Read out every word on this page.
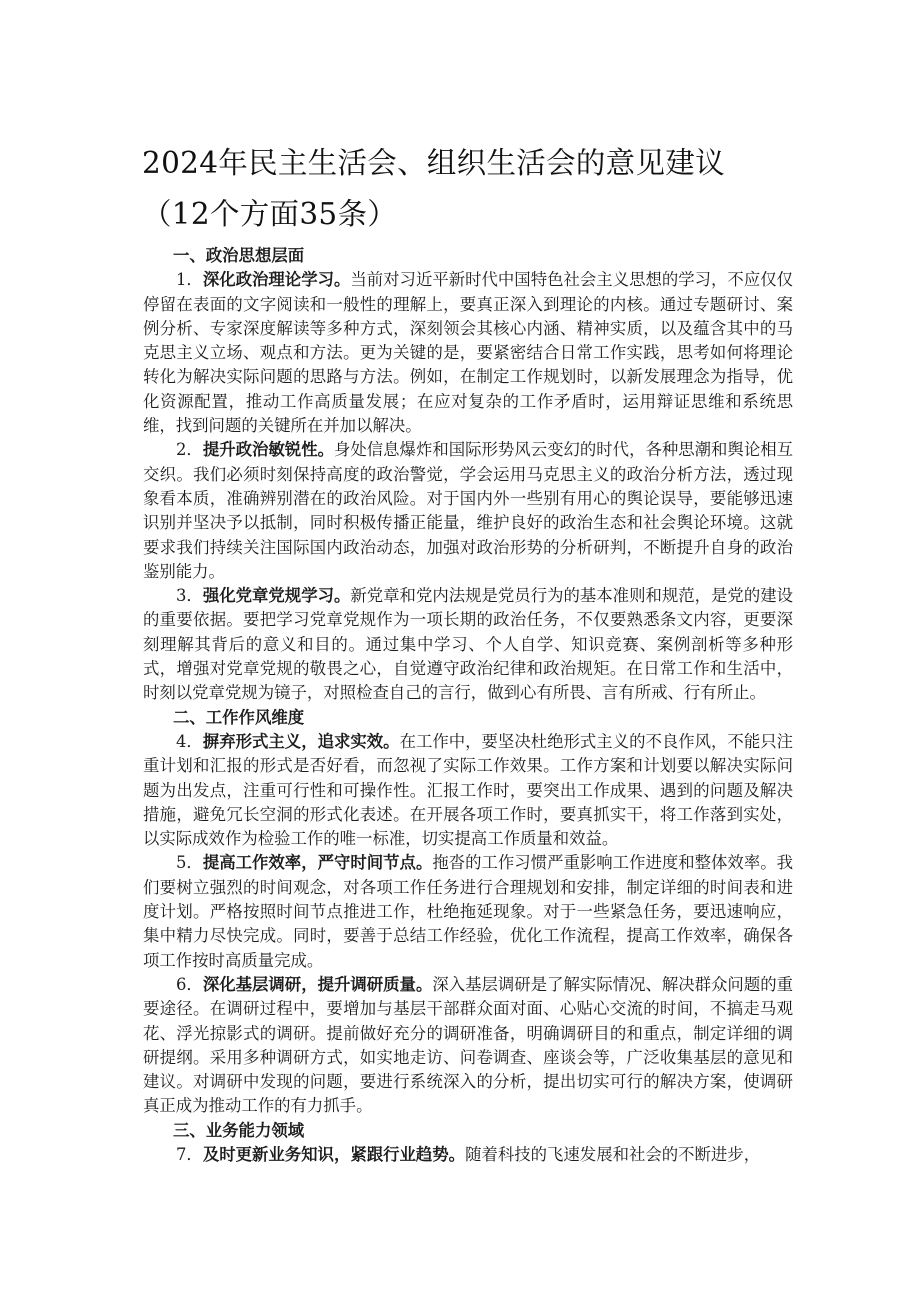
2024年民主生活会、组织生活会的意见建议（12个方面35条）

一、政治思想层面

1．深化政治理论学习。当前对习近平新时代中国特色社会主义思想的学习，不应仅仅停留在表面的文字阅读和一般性的理解上，要真正深入到理论的内核。通过专题研讨、案例分析、专家深度解读等多种方式，深刻领会其核心内涵、精神实质，以及蕴含其中的马克思主义立场、观点和方法。更为关键的是，要紧密结合日常工作实践，思考如何将理论转化为解决实际问题的思路与方法。例如，在制定工作规划时，以新发展理念为指导，优化资源配置，推动工作高质量发展；在应对复杂的工作矛盾时，运用辩证思维和系统思维，找到问题的关键所在并加以解决。

2．提升政治敏锐性。身处信息爆炸和国际形势风云变幻的时代，各种思潮和舆论相互交织。我们必须时刻保持高度的政治警觉，学会运用马克思主义的政治分析方法，透过现象看本质，准确辨别潜在的政治风险。对于国内外一些别有用心的舆论误导，要能够迅速识别并坚决予以抵制，同时积极传播正能量，维护良好的政治生态和社会舆论环境。这就要求我们持续关注国际国内政治动态，加强对政治形势的分析研判，不断提升自身的政治鉴别能力。

3．强化党章党规学习。新党章和党内法规是党员行为的基本准则和规范，是党的建设的重要依据。要把学习党章党规作为一项长期的政治任务，不仅要熟悉条文内容，更要深刻理解其背后的意义和目的。通过集中学习、个人自学、知识竞赛、案例剖析等多种形式，增强对党章党规的敬畏之心，自觉遵守政治纪律和政治规矩。在日常工作和生活中，时刻以党章党规为镜子，对照检查自己的言行，做到心有所畏、言有所戒、行有所止。

二、工作作风维度

4．摒弃形式主义，追求实效。在工作中，要坚决杜绝形式主义的不良作风，不能只注重计划和汇报的形式是否好看，而忽视了实际工作效果。工作方案和计划要以解决实际问题为出发点，注重可行性和可操作性。汇报工作时，要突出工作成果、遇到的问题及解决措施，避免冗长空洞的形式化表述。在开展各项工作时，要真抓实干，将工作落到实处，以实际成效作为检验工作的唯一标准，切实提高工作质量和效益。

5．提高工作效率，严守时间节点。拖沓的工作习惯严重影响工作进度和整体效率。我们要树立强烈的时间观念，对各项工作任务进行合理规划和安排，制定详细的时间表和进度计划。严格按照时间节点推进工作，杜绝拖延现象。对于一些紧急任务，要迅速响应，集中精力尽快完成。同时，要善于总结工作经验，优化工作流程，提高工作效率，确保各项工作按时高质量完成。

6．深化基层调研，提升调研质量。深入基层调研是了解实际情况、解决群众问题的重要途径。在调研过程中，要增加与基层干部群众面对面、心贴心交流的时间，不搞走马观花、浮光掠影式的调研。提前做好充分的调研准备，明确调研目的和重点，制定详细的调研提纲。采用多种调研方式，如实地走访、问卷调查、座谈会等，广泛收集基层的意见和建议。对调研中发现的问题，要进行系统深入的分析，提出切实可行的解决方案，使调研真正成为推动工作的有力抓手。

三、业务能力领域

7．及时更新业务知识，紧跟行业趋势。随着科技的飞速发展和社会的不断进步，
